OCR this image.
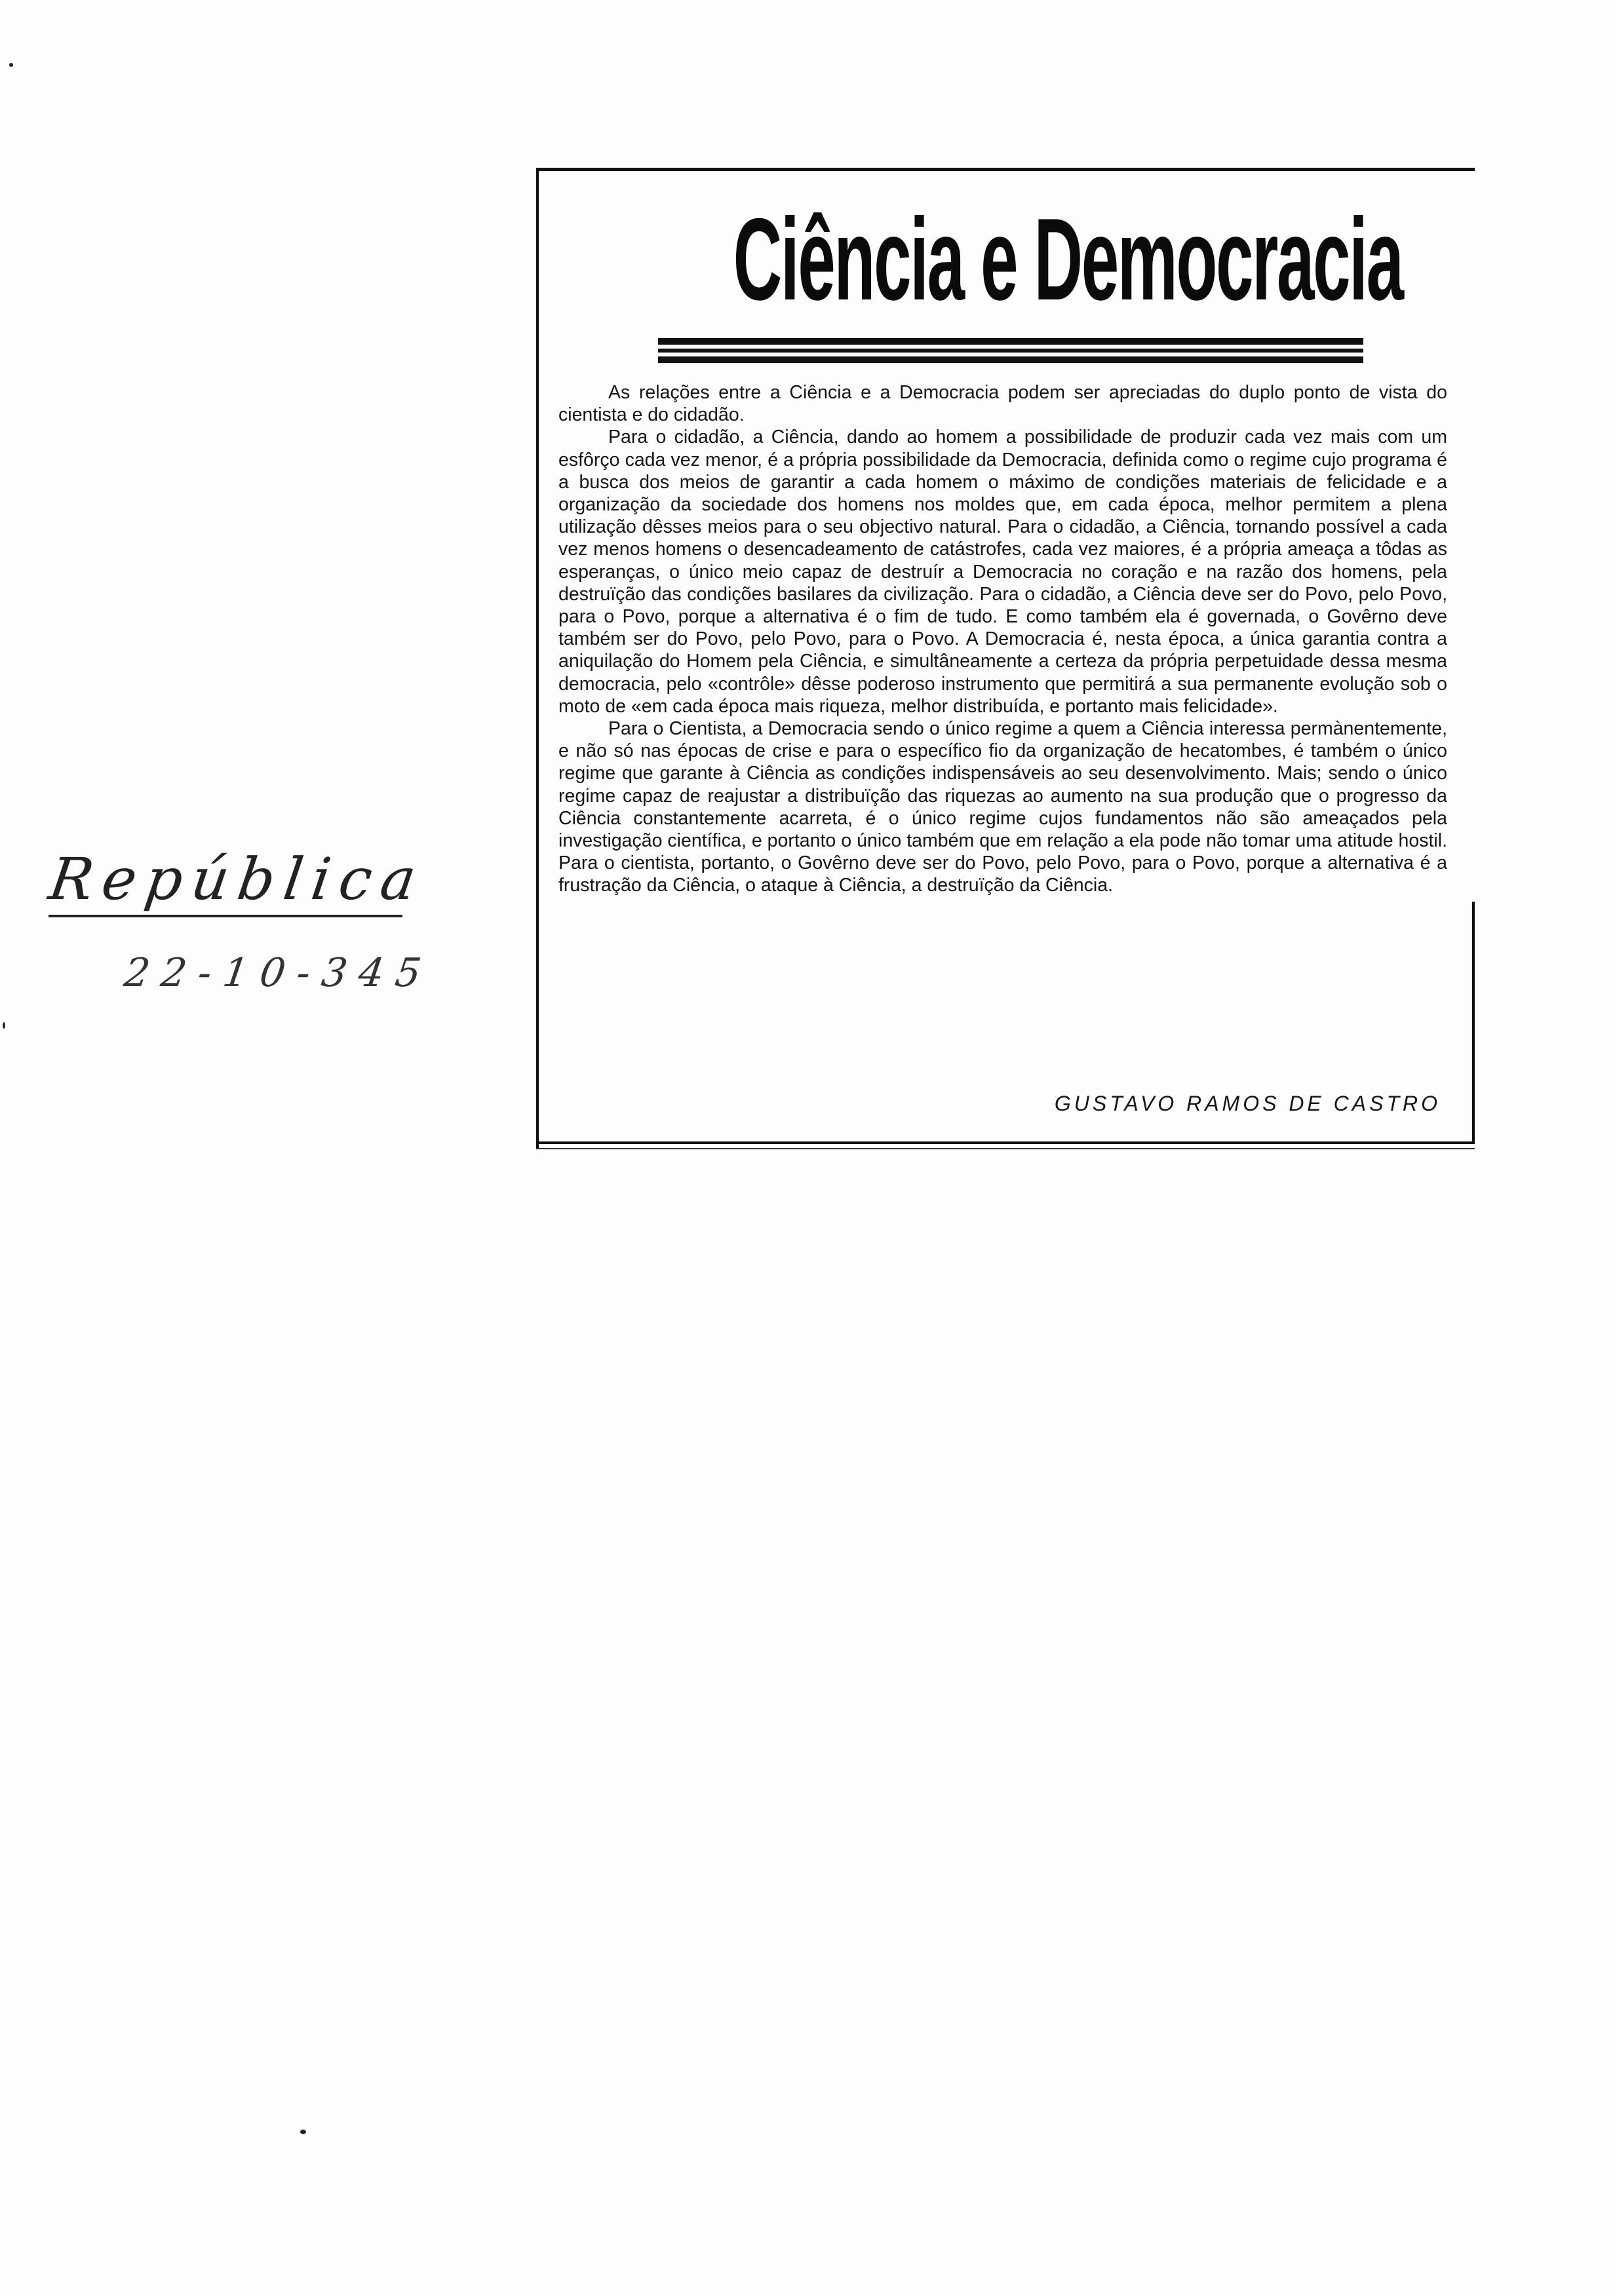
República
22-10-345
Ciência e Democracia

As relações entre a Ciência e a Democracia podem ser apreciadas do duplo ponto de vista do cientista e do cidadão.

Para o cidadão, a Ciência, dando ao homem a possibilidade de produzir cada vez mais com um esfôrço cada vez menor, é a própria possibilidade da Democracia, definida como o regime cujo programa é a busca dos meios de garantir a cada homem o máximo de condições materiais de felicidade e a organização da sociedade dos homens nos moldes que, em cada época, melhor permitem a plena utilização dêsses meios para o seu objectivo natural. Para o cidadão, a Ciência, tornando possível a cada vez menos homens o desencadeamento de catástrofes, cada vez maiores, é a própria ameaça a tôdas as esperanças, o único meio capaz de destruír a Democracia no coração e na razão dos homens, pela destruïção das condições basilares da civilização. Para o cidadão, a Ciência deve ser do Povo, pelo Povo, para o Povo, porque a alternativa é o fim de tudo. E como também ela é governada, o Govêrno deve também ser do Povo, pelo Povo, para o Povo. A Democracia é, nesta época, a única garantia contra a aniquilação do Homem pela Ciência, e simultâneamente a certeza da própria perpetuidade dessa mesma democracia, pelo «contrôle» dêsse poderoso instrumento que permitirá a sua permanente evolução sob o moto de «em cada época mais riqueza, melhor distribuída, e portanto mais felicidade».

Para o Cientista, a Democracia sendo o único regime a quem a Ciência interessa permànentemente, e não só nas épocas de crise e para o específico fio da organização de hecatombes, é também o único regime que garante à Ciência as condições indispensáveis ao seu desenvolvimento. Mais; sendo o único regime capaz de reajustar a distribuïção das riquezas ao aumento na sua produção que o progresso da Ciência constantemente acarreta, é o único regime cujos fundamentos não são ameaçados pela investigação científica, e portanto o único também que em relação a ela pode não tomar uma atitude hostil. Para o cientista, portanto, o Govêrno deve ser do Povo, pelo Povo, para o Povo, porque a alternativa é a frustração da Ciência, o ataque à Ciência, a destruïção da Ciência.

GUSTAVO RAMOS DE CASTRO
